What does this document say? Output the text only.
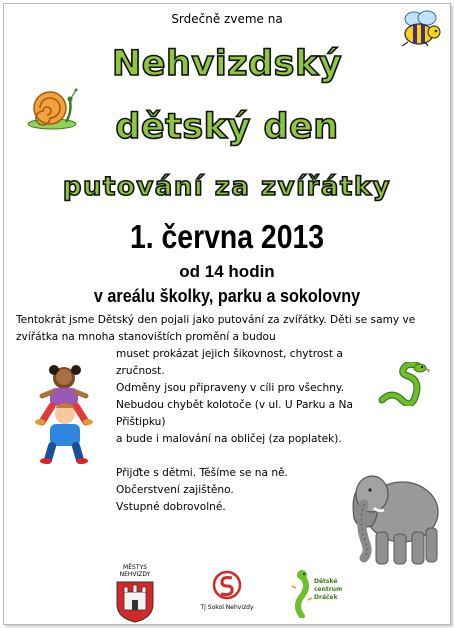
Srdečně zveme na
Nehvizdský
dětský den
putování za zvířátky
1. června 2013
od 14 hodin
v areálu školky, parku a sokolovny
Tentokrát jsme Dětský den pojali jako putování za zvířátky. Děti se samy ve zvířátka na mnoha stanovištích promění a budou
muset prokázat jejich šikovnost, chytrost a
zručnost.
Odměny jsou připraveny v cíli pro všechny.
Nebudou chybět kolotoče (v ul. U Parku a Na
Přištipku)
a bude i malování na obličej (za poplatek).
Přijďte s dětmi. Těšíme se na ně.
Občerstvení zajištěno.
Vstupné dobrovolné.
MĚSTYS NEHVIZDY
TJ Sokol Nehvizdy
Dětské
centrum
Dráček
